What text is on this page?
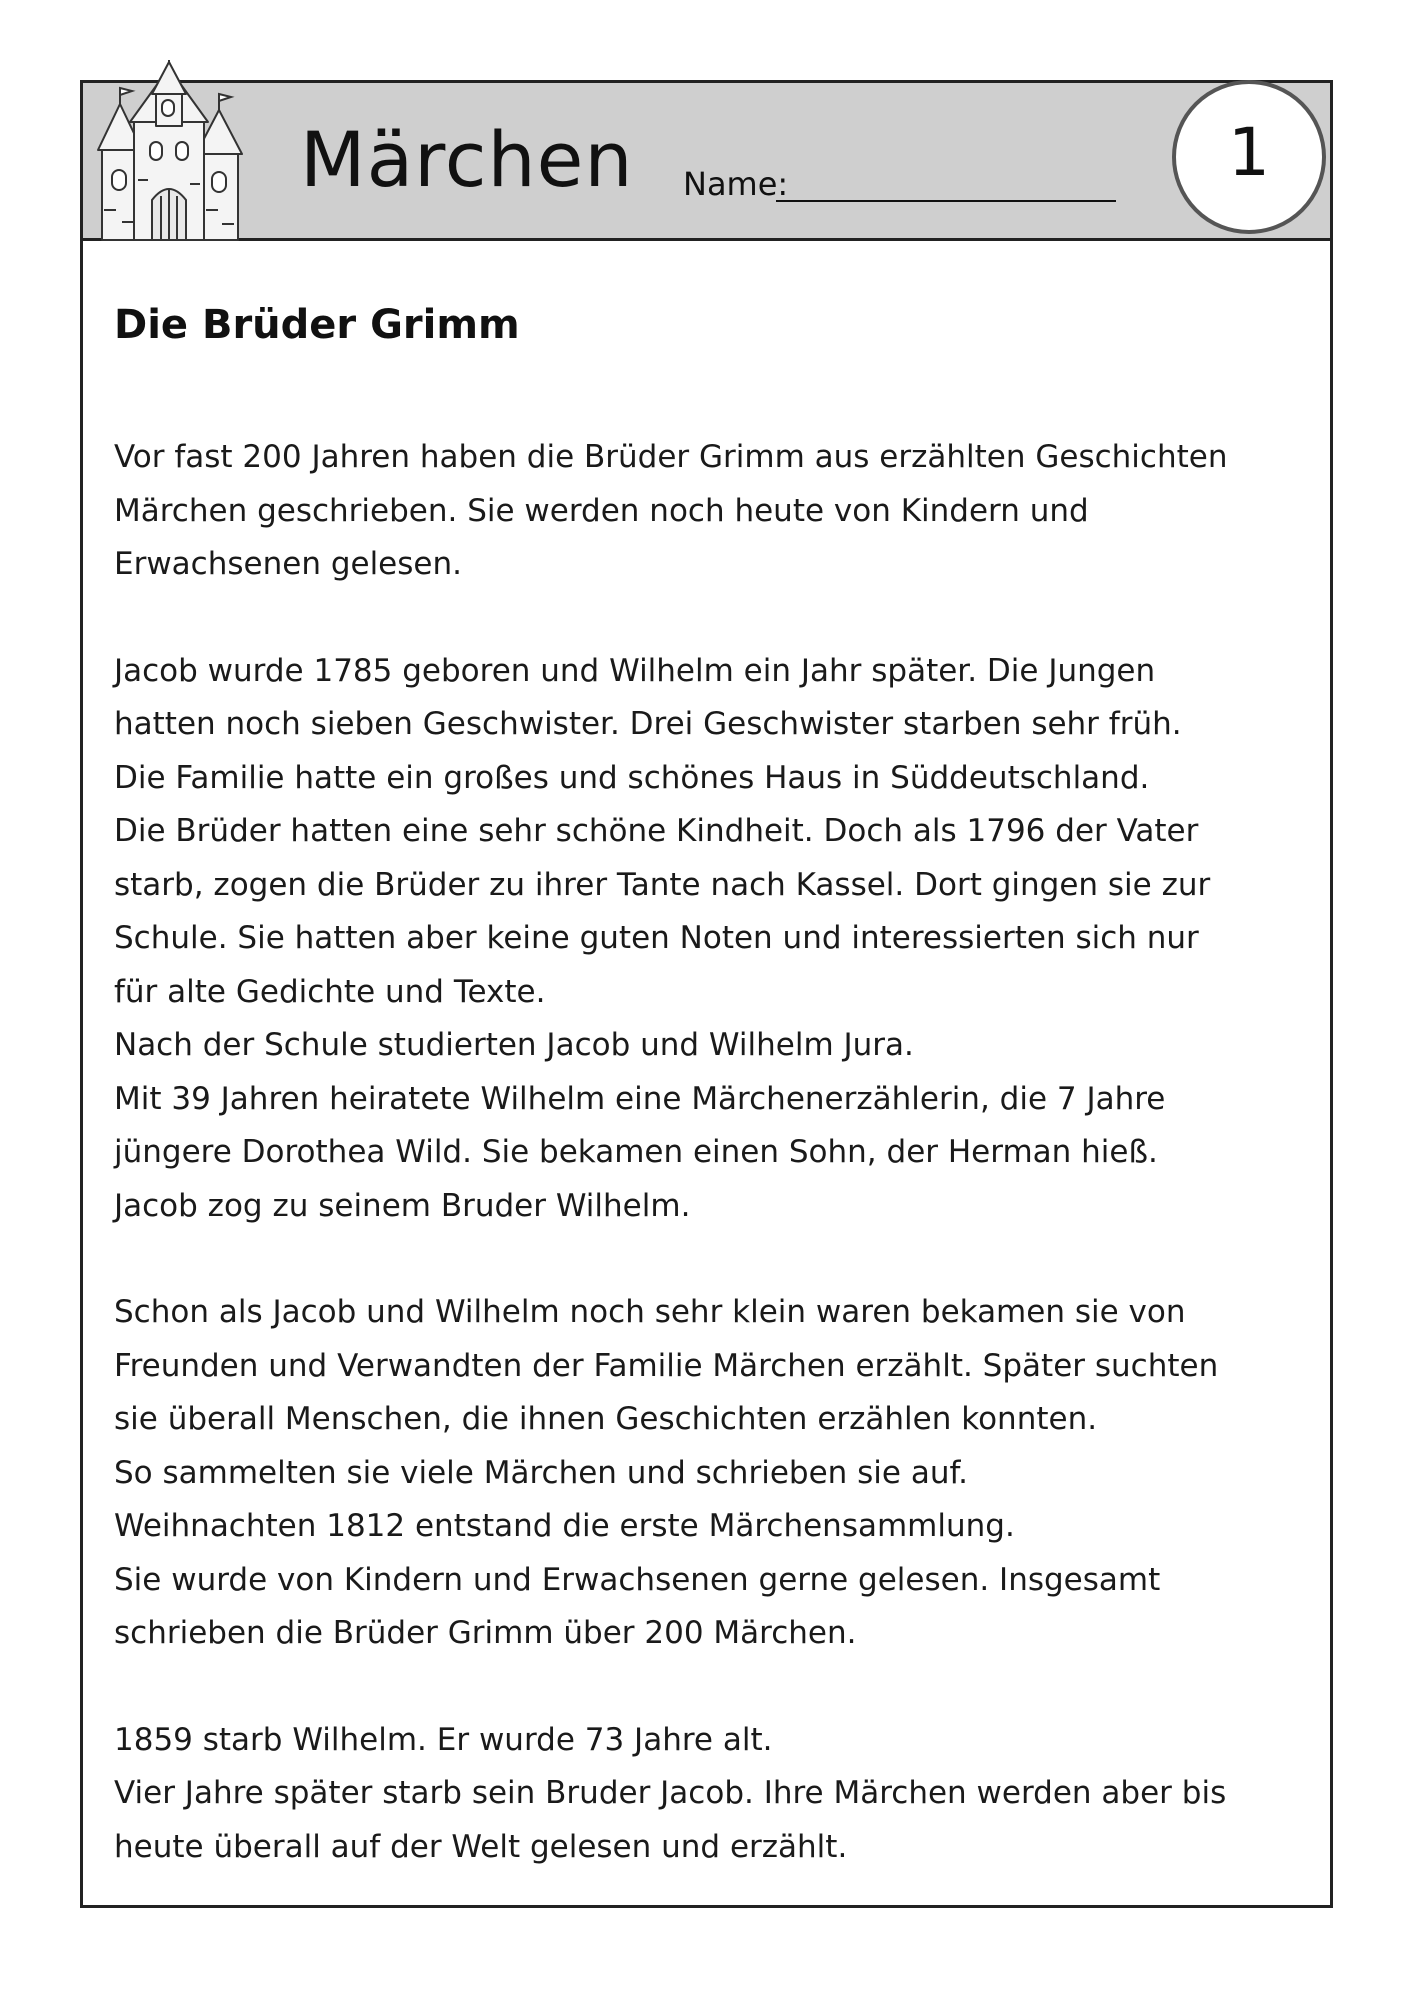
Märchen Name:	1
Die Brüder Grimm
Vor fast 200 Jahren haben die Brüder Grimm aus erzählten Geschichten
Märchen geschrieben. Sie werden noch heute von Kindern und
Erwachsenen gelesen.
Jacob wurde 1785 geboren und Wilhelm ein Jahr später. Die Jungen
hatten noch sieben Geschwister. Drei Geschwister starben sehr früh.
Die Familie hatte ein großes und schönes Haus in Süddeutschland.
Die Brüder hatten eine sehr schöne Kindheit. Doch als 1796 der Vater
starb, zogen die Brüder zu ihrer Tante nach Kassel. Dort gingen sie zur
Schule. Sie hatten aber keine guten Noten und interessierten sich nur
für alte Gedichte und Texte.
Nach der Schule studierten Jacob und Wilhelm Jura.
Mit 39 Jahren heiratete Wilhelm eine Märchenerzählerin, die 7 Jahre
jüngere Dorothea Wild. Sie bekamen einen Sohn, der Herman hieß.
Jacob zog zu seinem Bruder Wilhelm.
Schon als Jacob und Wilhelm noch sehr klein waren bekamen sie von
Freunden und Verwandten der Familie Märchen erzählt. Später suchten
sie überall Menschen, die ihnen Geschichten erzählen konnten.
So sammelten sie viele Märchen und schrieben sie auf.
Weihnachten 1812 entstand die erste Märchensammlung.
Sie wurde von Kindern und Erwachsenen gerne gelesen. Insgesamt
schrieben die Brüder Grimm über 200 Märchen.
1859 starb Wilhelm. Er wurde 73 Jahre alt.
Vier Jahre später starb sein Bruder Jacob. Ihre Märchen werden aber bis
heute überall auf der Welt gelesen und erzählt.
